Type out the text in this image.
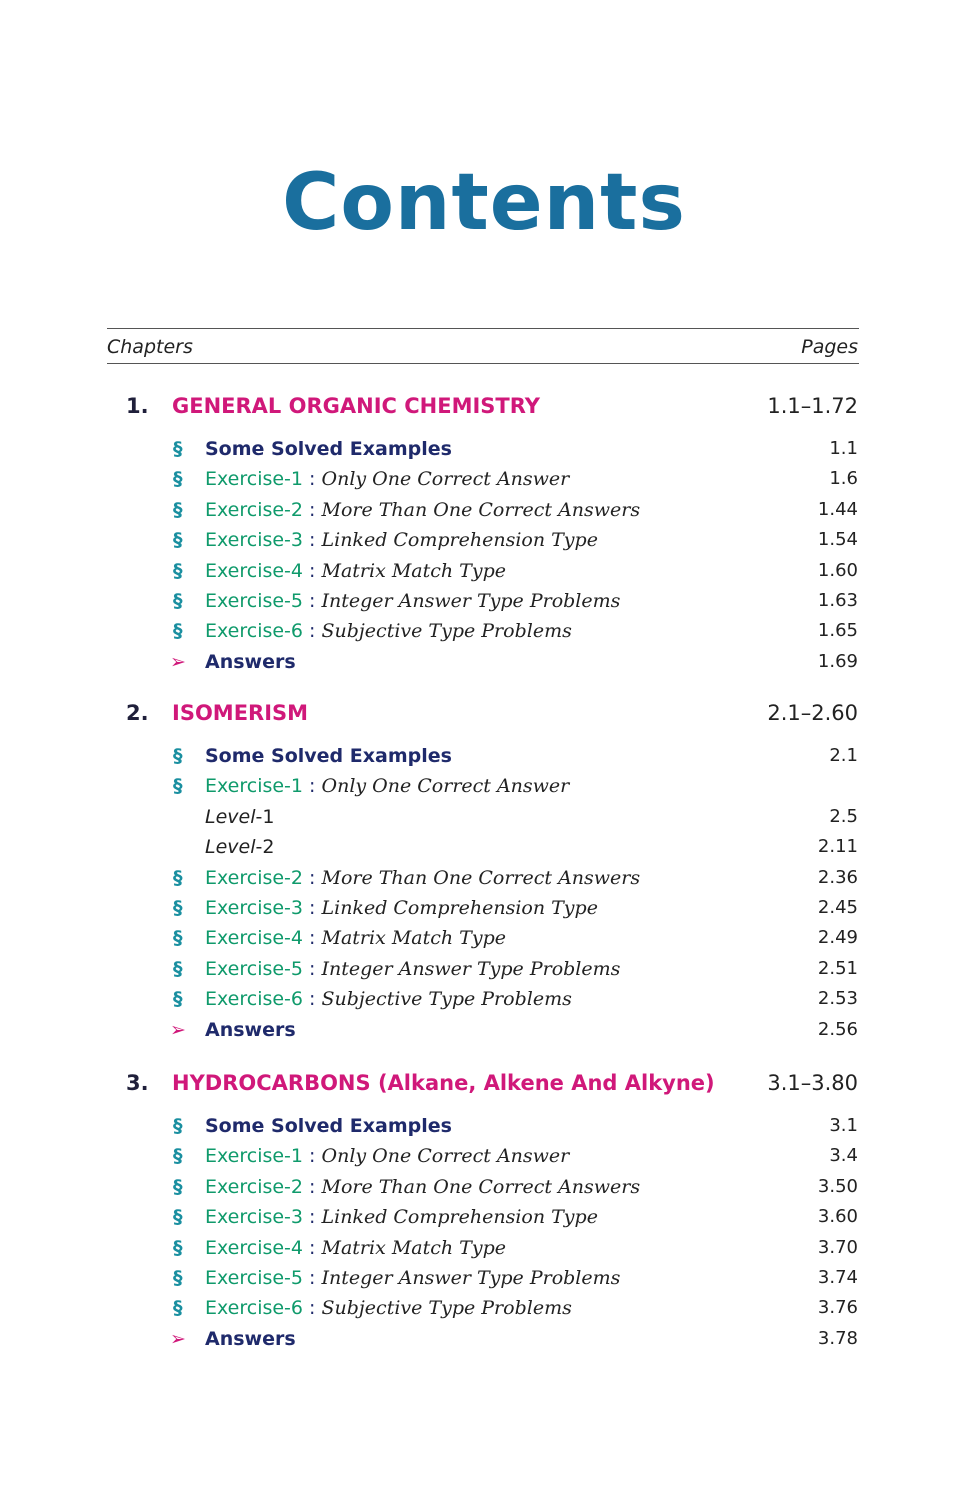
Contents
Chapters	Pages
1. GENERAL ORGANIC CHEMISTRY	1.1–1.72
§ Some Solved Examples	1.1
§ Exercise-1 : Only One Correct Answer	1.6
§ Exercise-2 : More Than One Correct Answers	1.44
§ Exercise-3 : Linked Comprehension Type	1.54
§ Exercise-4 : Matrix Match Type	1.60
§ Exercise-5 : Integer Answer Type Problems	1.63
§ Exercise-6 : Subjective Type Problems	1.65
➢ Answers	1.69
2. ISOMERISM	2.1–2.60
§ Some Solved Examples	2.1
§ Exercise-1 : Only One Correct Answer
Level-1	2.5
Level-2	2.11
§ Exercise-2 : More Than One Correct Answers	2.36
§ Exercise-3 : Linked Comprehension Type	2.45
§ Exercise-4 : Matrix Match Type	2.49
§ Exercise-5 : Integer Answer Type Problems	2.51
§ Exercise-6 : Subjective Type Problems	2.53
➢ Answers	2.56
3. HYDROCARBONS (Alkane, Alkene And Alkyne)	3.1–3.80
§ Some Solved Examples	3.1
§ Exercise-1 : Only One Correct Answer	3.4
§ Exercise-2 : More Than One Correct Answers	3.50
§ Exercise-3 : Linked Comprehension Type	3.60
§ Exercise-4 : Matrix Match Type	3.70
§ Exercise-5 : Integer Answer Type Problems	3.74
§ Exercise-6 : Subjective Type Problems	3.76
➢ Answers	3.78
